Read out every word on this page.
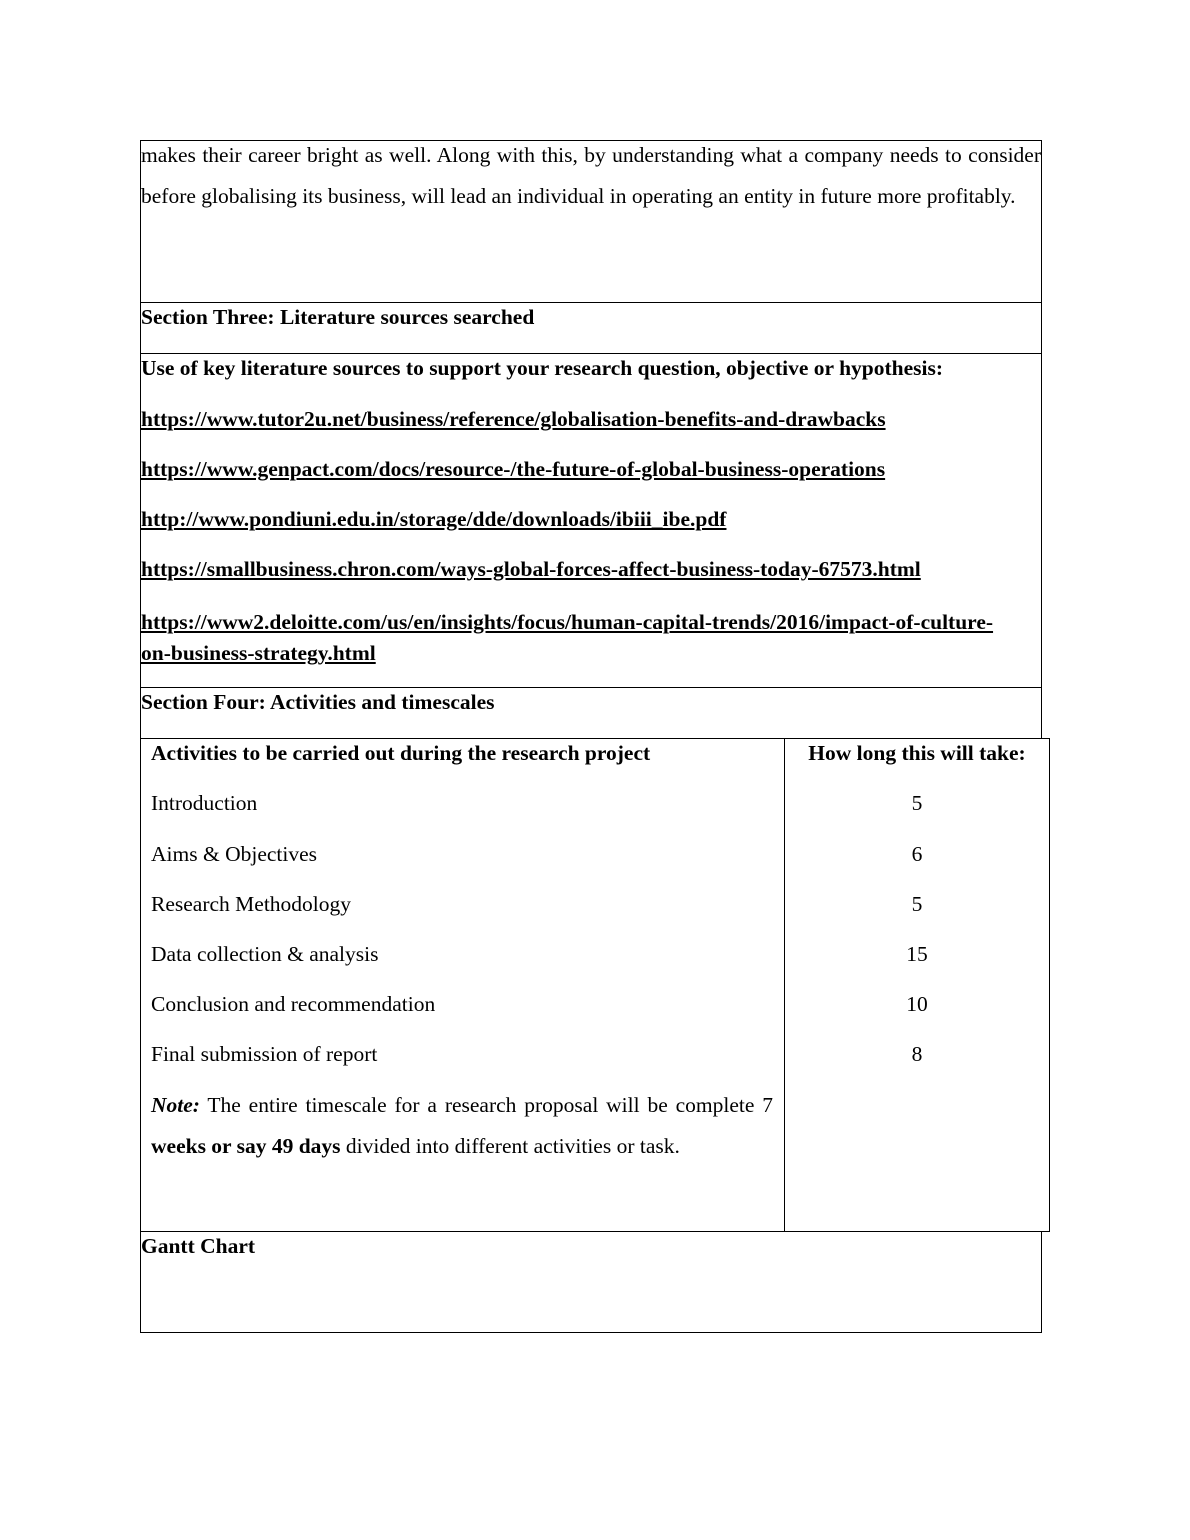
makes their career bright as well. Along with this, by understanding what a company needs to consider before globalising its business, will lead an individual in operating an entity in future more profitably.

Section Three: Literature sources searched

Use of key literature sources to support your research question, objective or hypothesis:

https://www.tutor2u.net/business/reference/globalisation-benefits-and-drawbacks
https://www.genpact.com/docs/resource-/the-future-of-global-business-operations
http://www.pondiuni.edu.in/storage/dde/downloads/ibiii_ibe.pdf
https://smallbusiness.chron.com/ways-global-forces-affect-business-today-67573.html
https://www2.deloitte.com/us/en/insights/focus/human-capital-trends/2016/impact-of-culture-on-business-strategy.html

Section Four: Activities and timescales

Activities to be carried out during the research project	How long this will take:

Introduction	5

Aims & Objectives	6

Research Methodology	5

Data collection & analysis	15

Conclusion and recommendation	10

Final submission of report	8

Note: The entire timescale for a research proposal will be complete 7 weeks or say 49 days divided into different activities or task.

Gantt Chart
